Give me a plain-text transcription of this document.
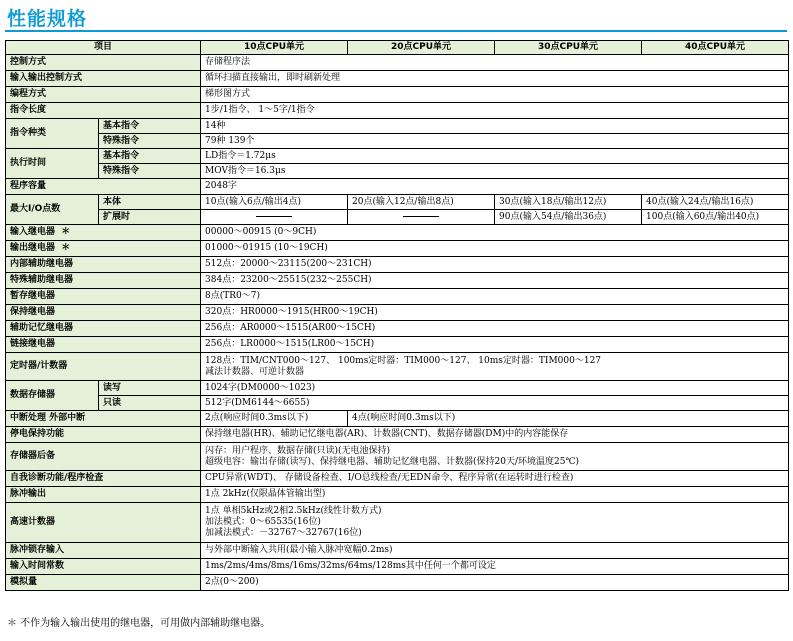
性能规格
项目		10点CPU单元	20点CPU单元	30点CPU单元	40点CPU单元
控制方式		存储程序法			
输入输出控制方式		循环扫描直接输出，即时刷新处理			
编程方式		梯形图方式			
指令长度		1步/1指令、 1～5字/1指令			
指令种类	基本指令	14种			
	特殊指令	79种 139个			
执行时间	基本指令	LD指令＝1.72μs			
	特殊指令	MOV指令＝16.3μs			
程序容量		2048字			
最大I/O点数	本体	10点(输入6点/输出4点)	20点(输入12点/输出8点)	30点(输入18点/输出12点)	40点(输入24点/输出16点)
	扩展时			90点(输入54点/输出36点)	100点(输入60点/输出40点)
输入继电器 ＊		00000～00915 (0～9CH)			
输出继电器 ＊		01000～01915 (10～19CH)			
内部辅助继电器		512点：20000～23115(200～231CH)			
特殊辅助继电器		384点：23200～25515(232～255CH)			
暂存继电器		8点(TR0～7)			
保持继电器		320点：HR0000～1915(HR00～19CH)			
辅助记忆继电器		256点：AR0000～1515(AR00～15CH)			
链接继电器		256点：LR0000～1515(LR00～15CH)			
定时器/计数器		128点：TIM/CNT000～127、 100ms定时器：TIM000～127、 10ms定时器：TIM000～127
减法计数器、可逆计数器			

数据存储器	读写	1024字(DM0000～1023)			
	只读	512字(DM6144～6655)			
中断处理 外部中断		2点(响应时间0.3ms以下)	4点(响应时间0.3ms以下)		
停电保持功能		保持继电器(HR)、辅助记忆继电器(AR)、计数器(CNT)、数据存储器(DM)中的内容能保存			
存储器后备		闪存：用户程序、数据存储(只读)(无电池保持)
超级电容：输出存储(读写)、保持继电器、辅助记忆继电器、计数器(保持20天/环境温度25℃)			

自我诊断功能/程序检查		CPU异常(WDT)、 存储设备检查、I/O总线检查/无EDN命令、程序异常(在运转时进行检查)			
脉冲输出		1点 2kHz(仅限晶体管输出型)			
高速计数器		1点 单相5kHz或2相2.5kHz(线性计数方式)
加法模式：0～65535(16位)
加减法模式：－32767～32767(16位)			

脉冲锁存输入		与外部中断输入共用(最小输入脉冲宽幅0.2ms)			
输入时间常数		1ms/2ms/4ms/8ms/16ms/32ms/64ms/128ms其中任何一个都可设定			
模拟量		2点(0～200)			
＊ 不作为输入输出使用的继电器，可用做内部辅助继电器。
